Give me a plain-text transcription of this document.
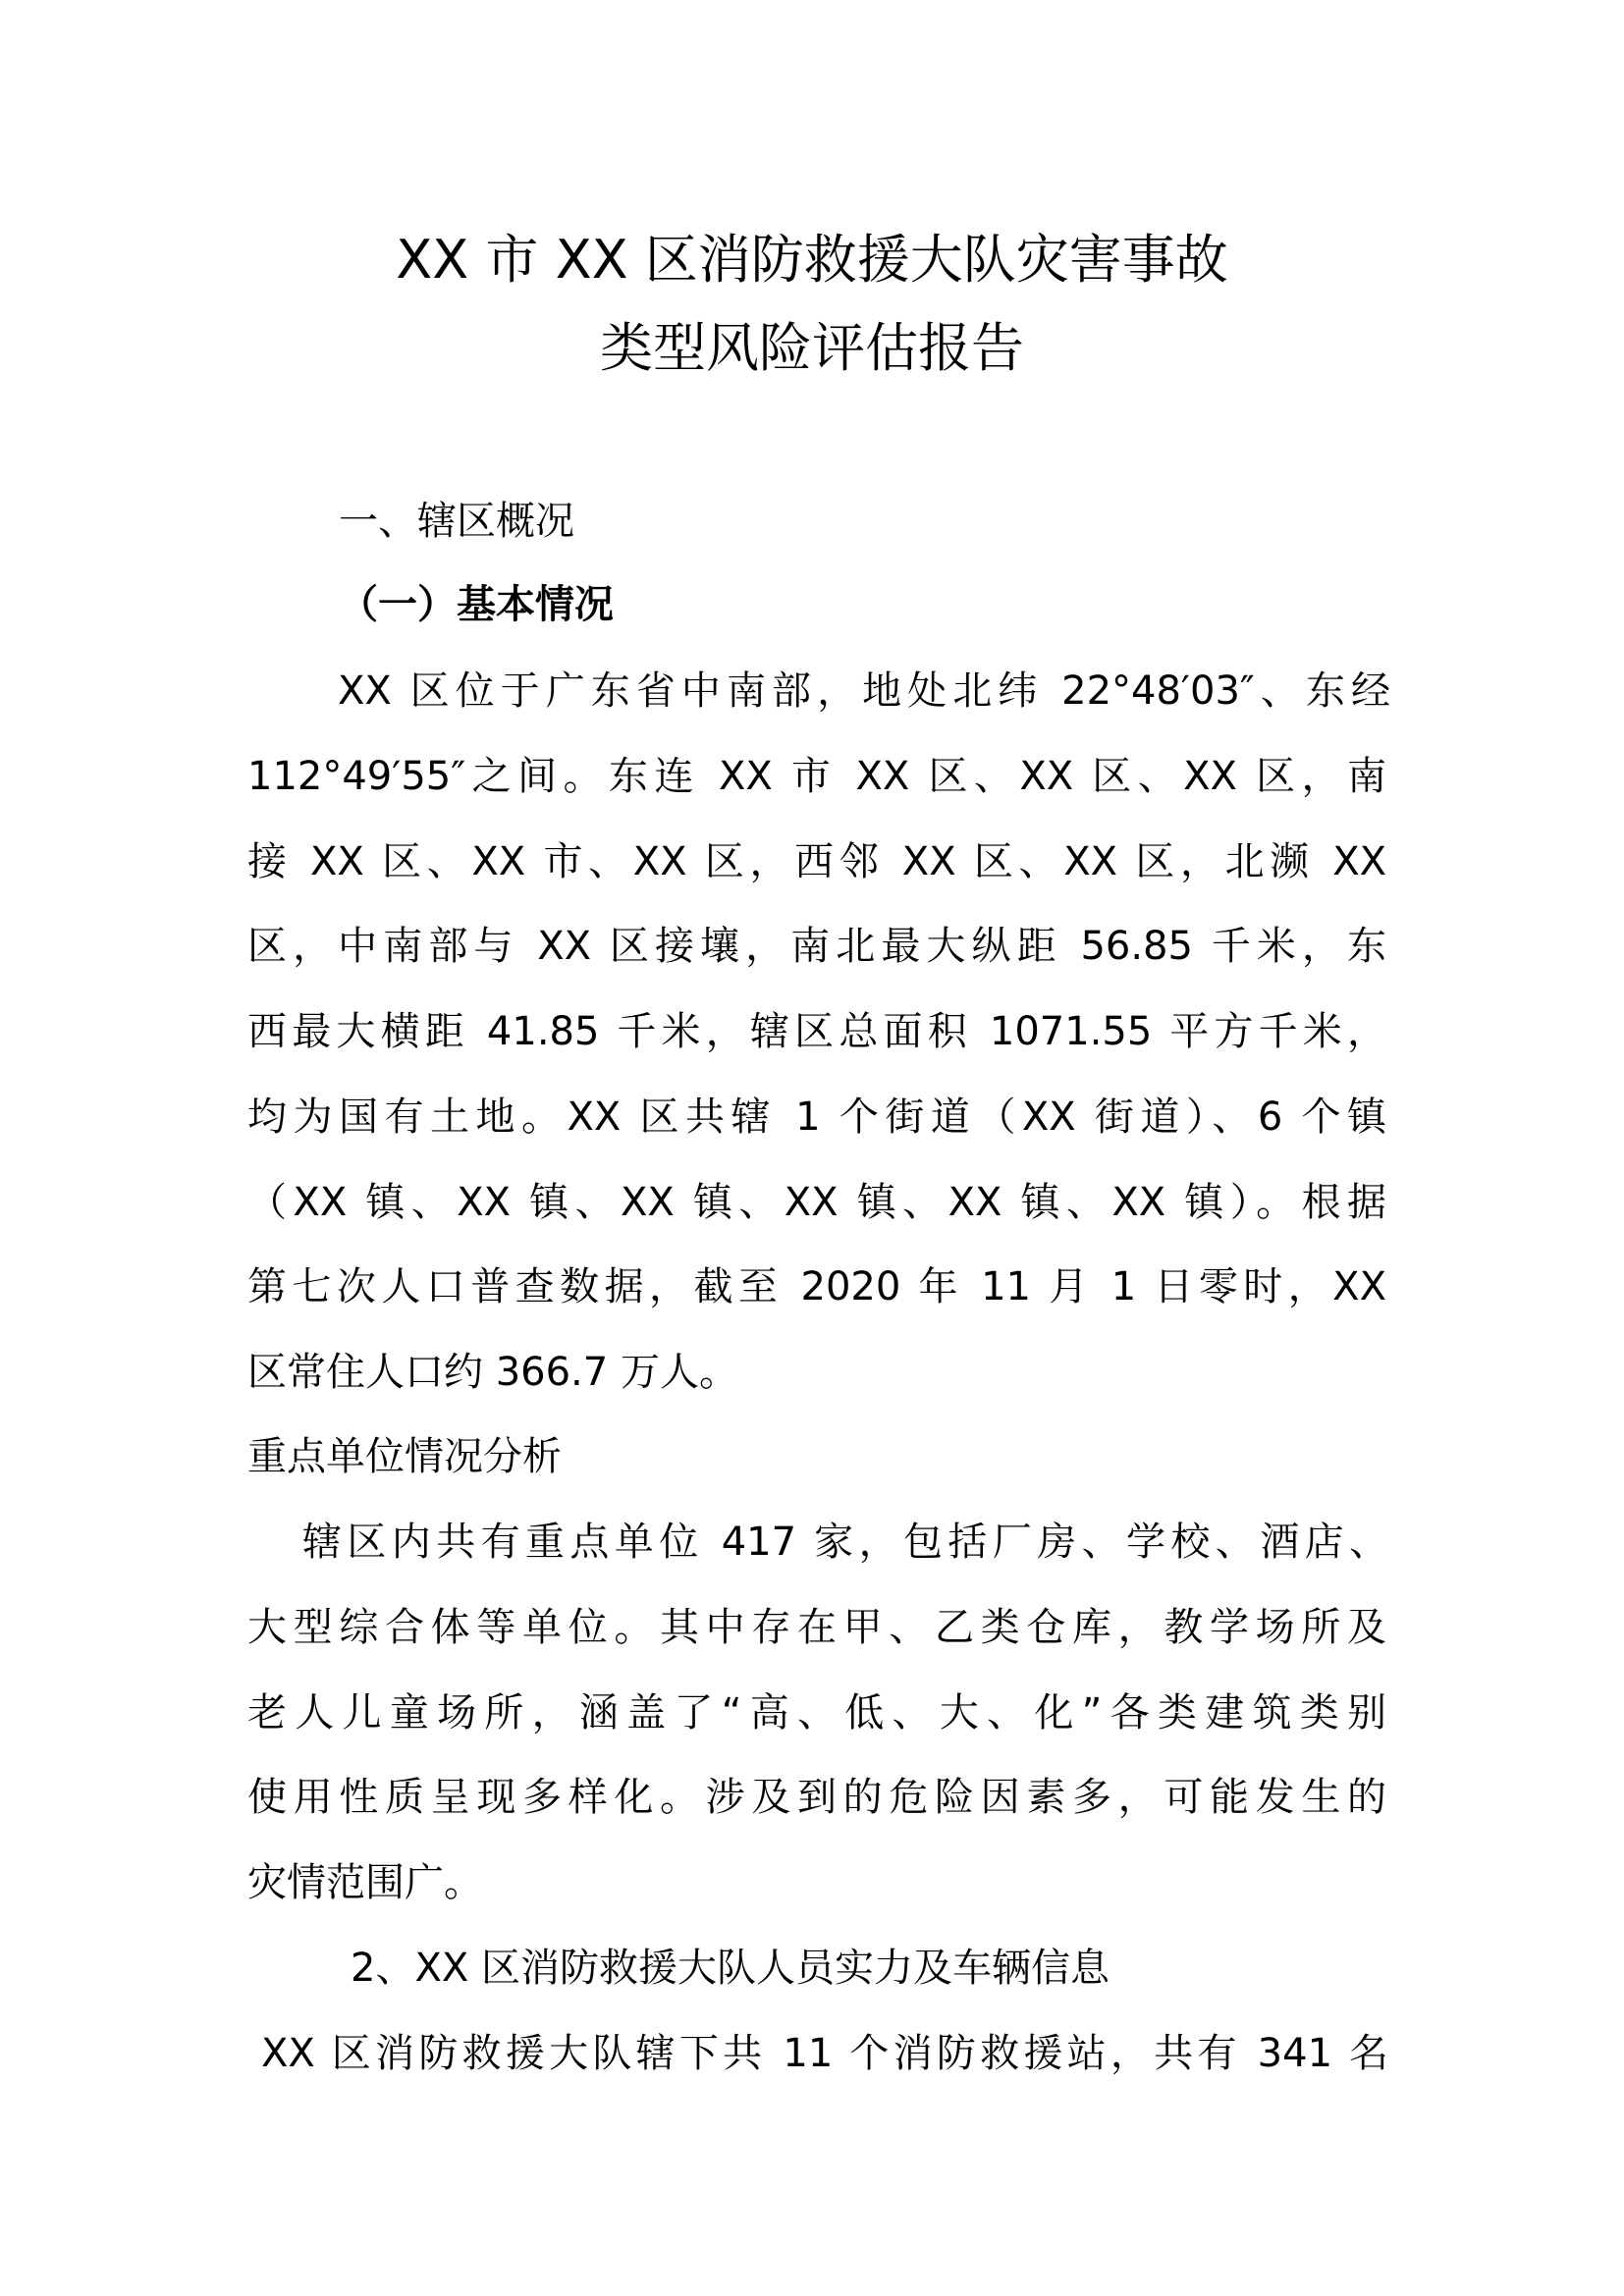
XX 市 XX 区消防救援大队灾害事故
类型风险评估报告
一、辖区概况
（一）基本情况
XX 区位于广东省中南部，地处北纬 22°48′03″、东经
112°49′55″之间。东连 XX 市 XX 区、XX 区、XX 区，南
接 XX 区、XX 市、XX 区，西邻 XX 区、XX 区，北濒 XX
区，中南部与 XX 区接壤，南北最大纵距 56.85 千米，东
西最大横距 41.85 千米，辖区总面积 1071.55 平方千米，
均为国有土地。XX 区共辖 1 个街道（XX 街道）、6 个镇
（XX 镇、XX 镇、XX 镇、XX 镇、XX 镇、XX 镇）。根据
第七次人口普查数据，截至 2020 年 11 月 1 日零时，XX
区常住人口约 366.7 万人。
重点单位情况分析
辖区内共有重点单位 417 家，包括厂房、学校、酒店、
大型综合体等单位。其中存在甲、乙类仓库，教学场所及
老人儿童场所，涵盖了“高、低、大、化”各类建筑类别
使用性质呈现多样化。涉及到的危险因素多，可能发生的
灾情范围广。
2、XX 区消防救援大队人员实力及车辆信息
XX 区消防救援大队辖下共 11 个消防救援站，共有 341 名
